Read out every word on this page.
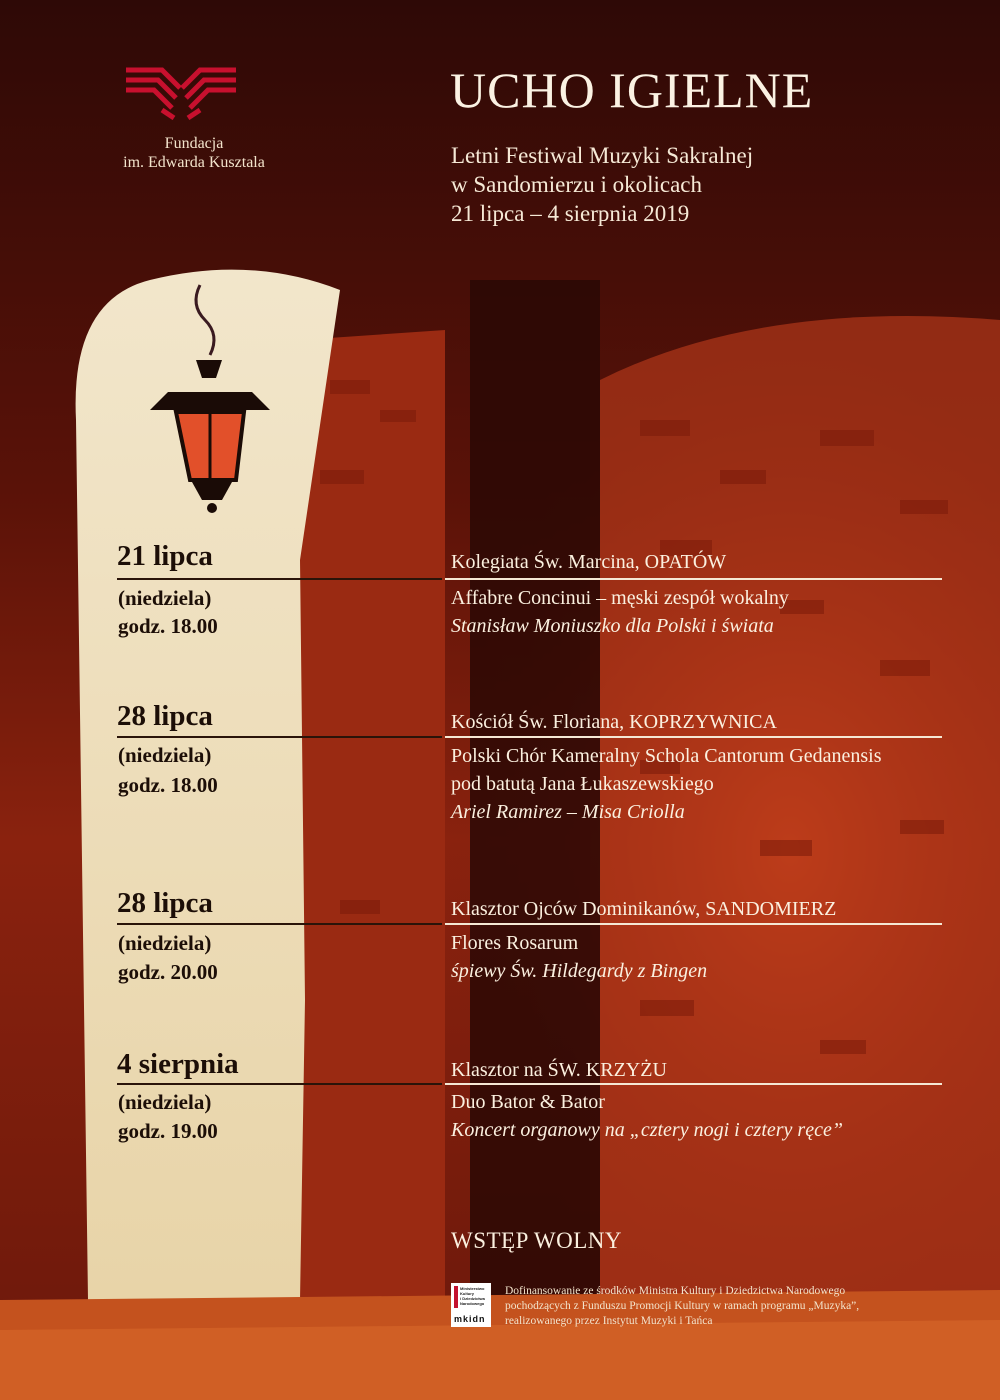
Fundacja
im. Edwarda Kusztala
UCHO IGIELNE
Letni Festiwal Muzyki Sakralnej
w Sandomierzu i okolicach
21 lipca – 4 sierpnia 2019
21 lipca	Kolegiata Św. Marcina, OPATÓW
(niedziela)
godz. 18.00
Affabre Concinui – męski zespół wokalny
Stanisław Moniuszko dla Polski i świata
28 lipca	Kościół Św. Floriana, KOPRZYWNICA
(niedziela)
godz. 18.00
Polski Chór Kameralny Schola Cantorum Gedanensis
pod batutą Jana Łukaszewskiego
Ariel Ramirez – Misa Criolla
28 lipca	Klasztor Ojców Dominikanów, SANDOMIERZ
(niedziela)
godz. 20.00
Flores Rosarum
śpiewy Św. Hildegardy z Bingen
4 sierpnia	Klasztor na ŚW. KRZYŻU
(niedziela)
godz. 19.00
Duo Bator & Bator
Koncert organowy na „cztery nogi i cztery ręce”
WSTĘP WOLNY
Ministerstwo
Kultury
i Dziedzictwa
Narodowego
mkidn
Dofinansowanie ze środków Ministra Kultury i Dziedzictwa Narodowego
pochodzących z Funduszu Promocji Kultury w ramach programu „Muzyka”,
realizowanego przez Instytut Muzyki i Tańca
